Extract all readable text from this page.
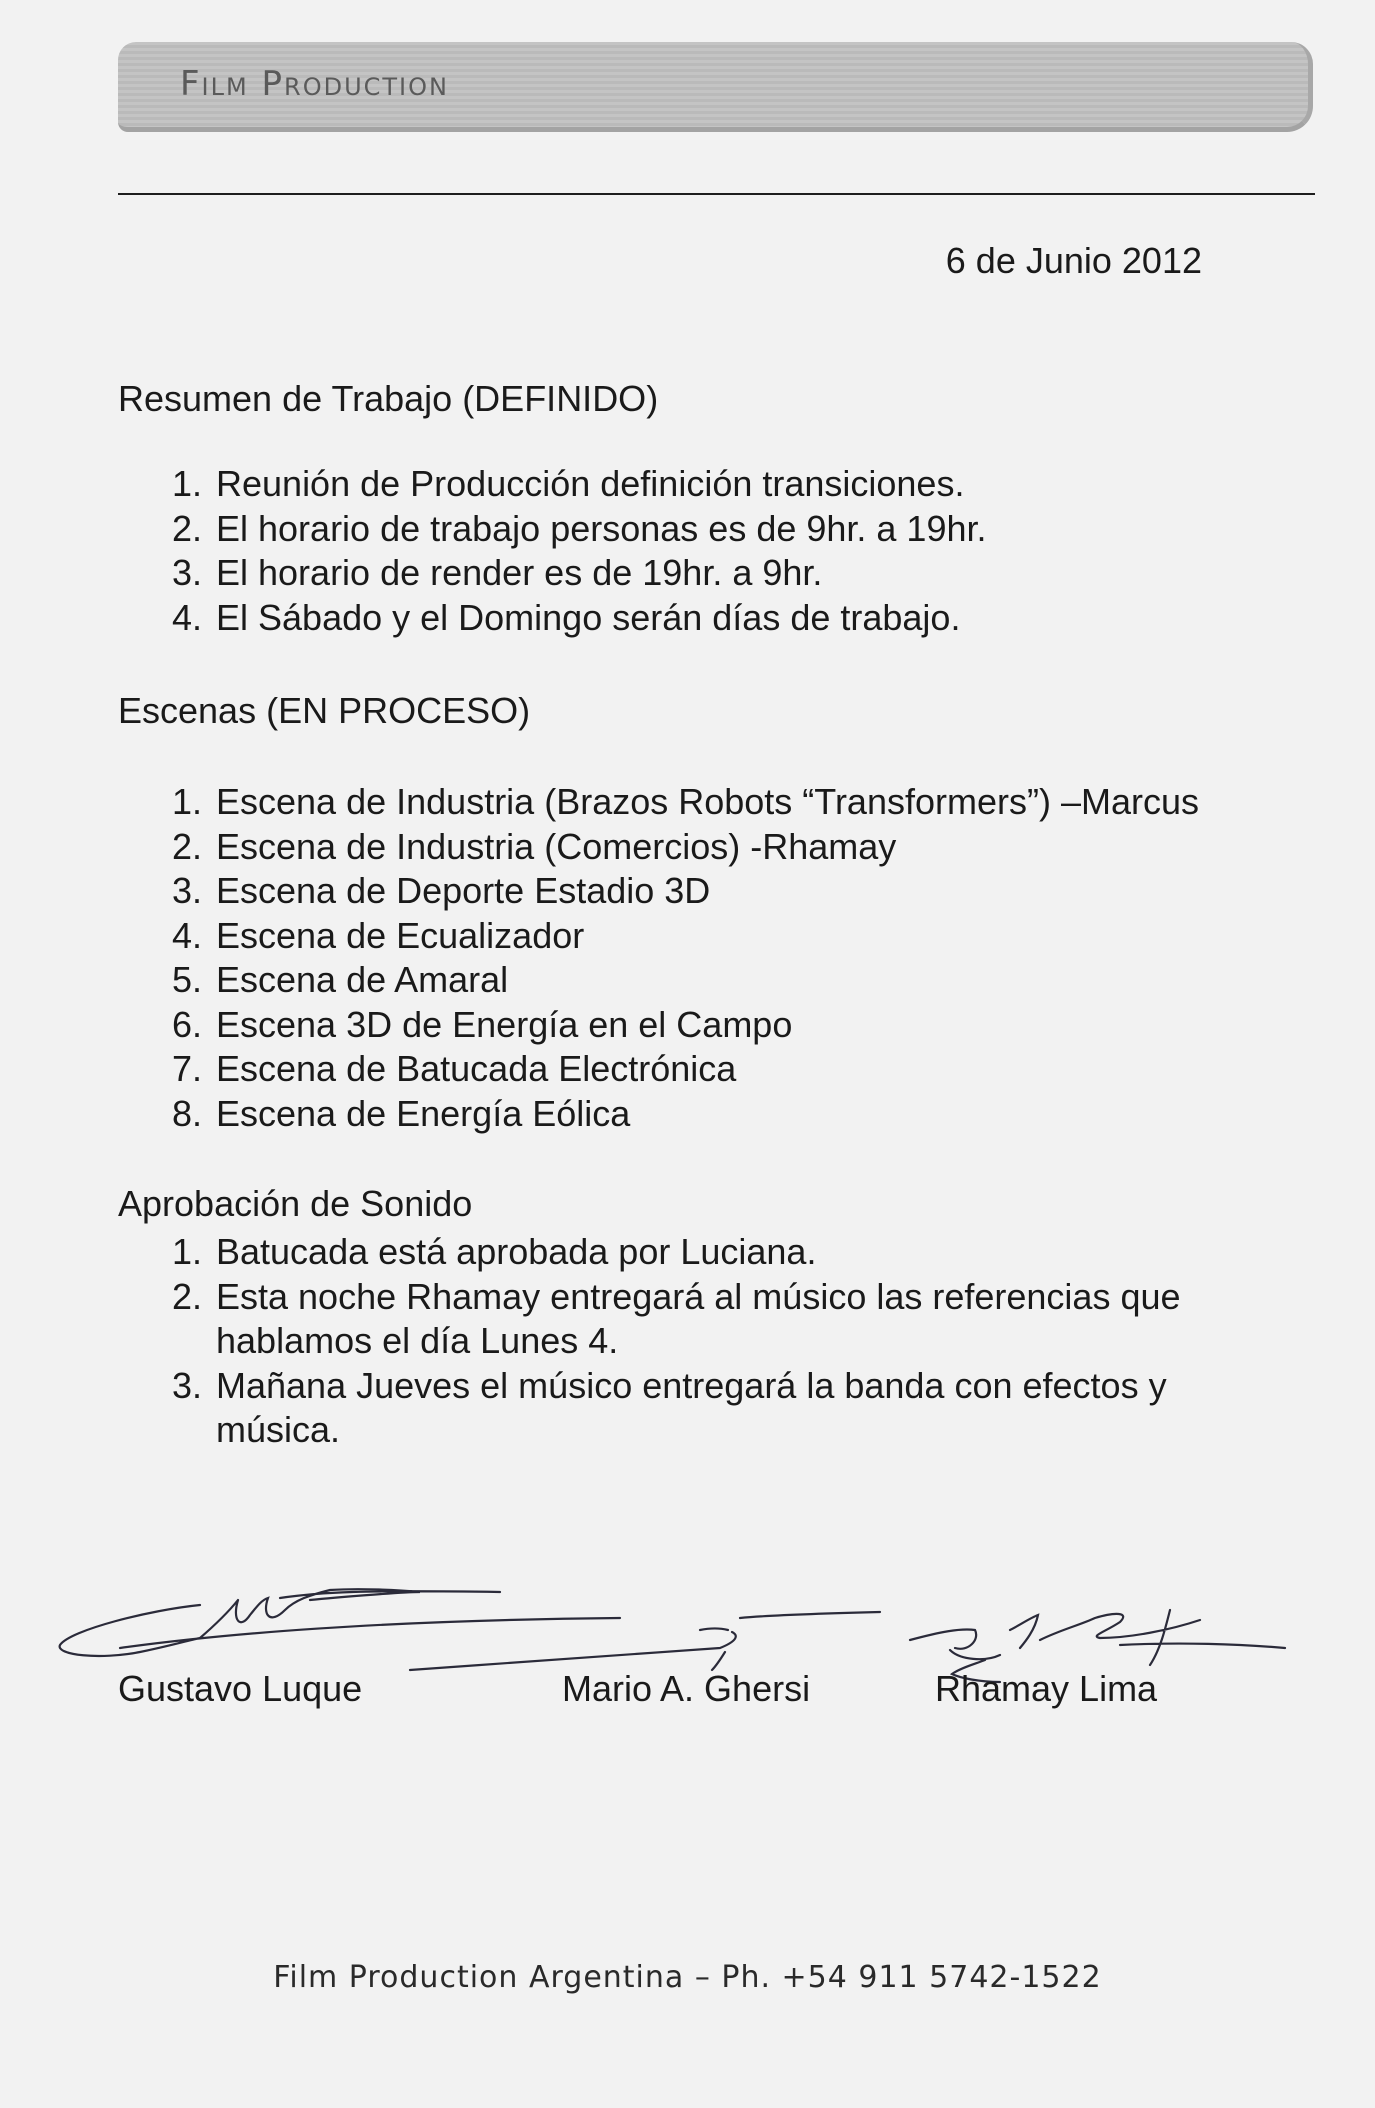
Film Production
6 de Junio 2012
Resumen de Trabajo (DEFINIDO)
1. Reunión de Producción definición transiciones.
2. El horario de trabajo personas es de 9hr. a 19hr.
3. El horario de render es de 19hr. a 9hr.
4. El Sábado y el Domingo serán días de trabajo.
Escenas (EN PROCESO)
1. Escena de Industria (Brazos Robots “Transformers”) –Marcus
2. Escena de Industria (Comercios) -Rhamay
3. Escena de Deporte Estadio 3D
4. Escena de Ecualizador
5. Escena de Amaral
6. Escena 3D de Energía en el Campo
7. Escena de Batucada Electrónica
8. Escena de Energía Eólica
Aprobación de Sonido
1. Batucada está aprobada por Luciana.
2. Esta noche Rhamay entregará al músico las referencias que
hablamos el día Lunes 4.
3. Mañana Jueves el músico entregará la banda con efectos y
música.
Gustavo Luque	Mario A. Ghersi	Rhamay Lima
Film Production Argentina – Ph. +54 911 5742-1522
